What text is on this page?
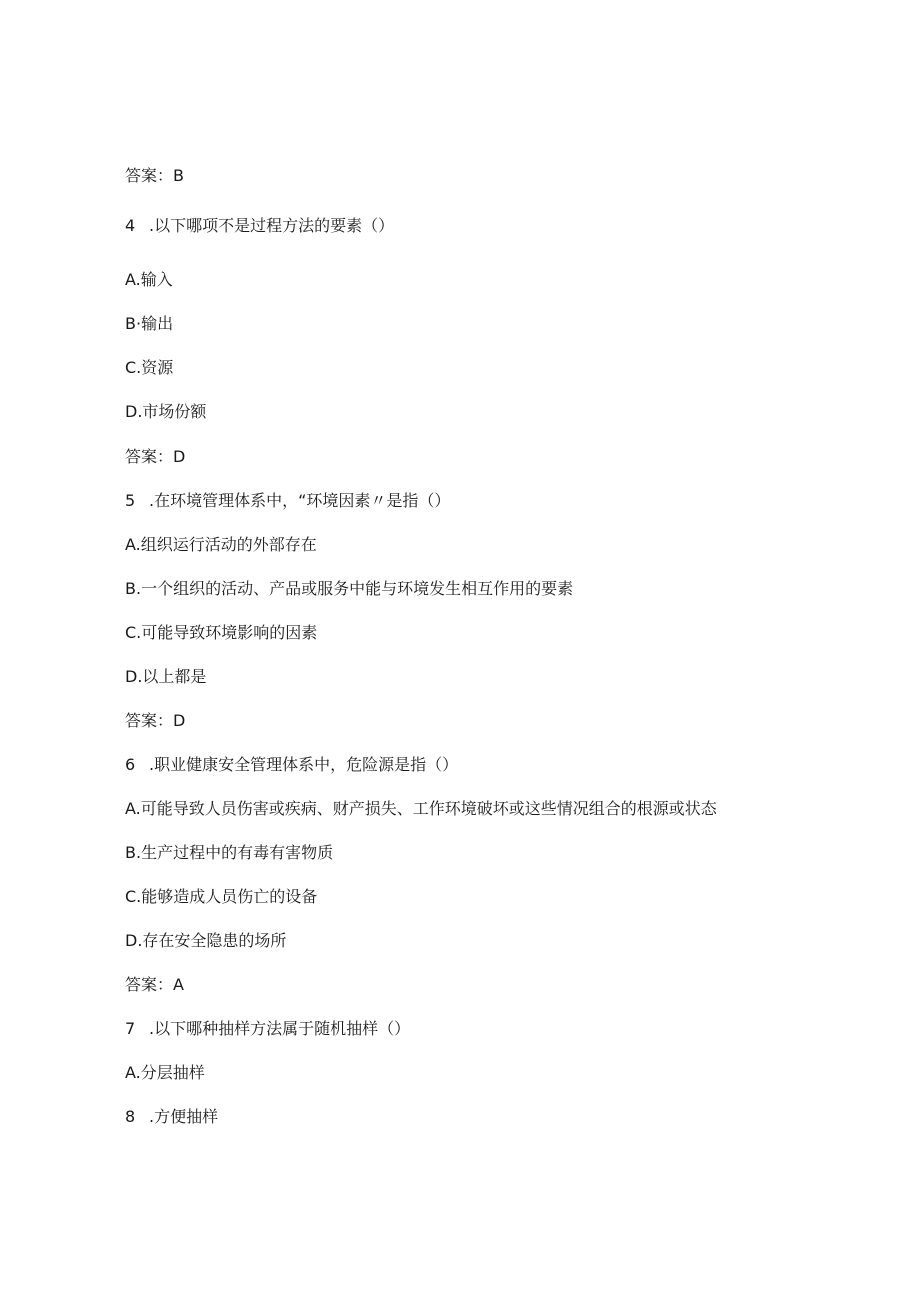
答案：B
4 .以下哪项不是过程方法的要素（）
A.输入
B·输出
C.资源
D.市场份额
答案：D
5 .在环境管理体系中，“环境因素〃是指（）
A.组织运行活动的外部存在
B.一个组织的活动、产品或服务中能与环境发生相互作用的要素
C.可能导致环境影响的因素
D.以上都是
答案：D
6 .职业健康安全管理体系中，危险源是指（）
A.可能导致人员伤害或疾病、财产损失、工作环境破坏或这些情况组合的根源或状态
B.生产过程中的有毒有害物质
C.能够造成人员伤亡的设备
D.存在安全隐患的场所
答案：A
7 .以下哪种抽样方法属于随机抽样（）
A.分层抽样
8 .方便抽样
